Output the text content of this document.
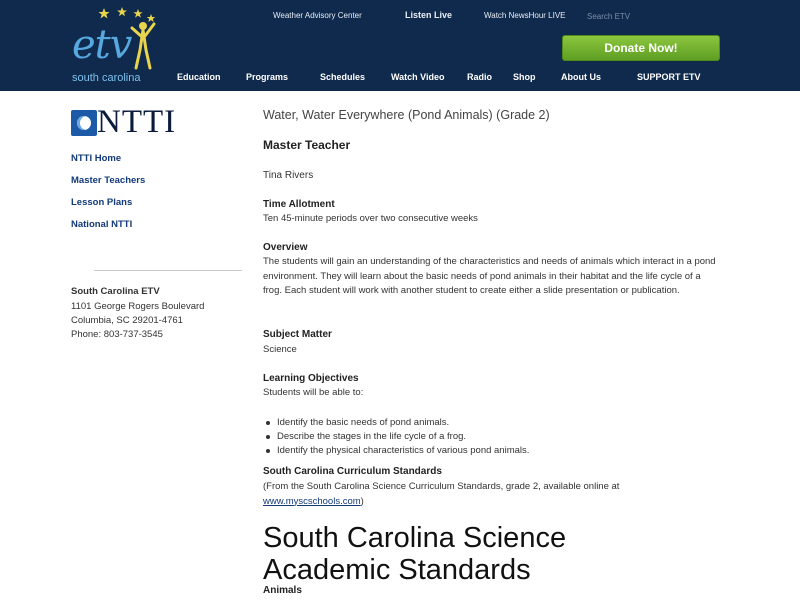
etv
south carolina
Weather Advisory Center	Listen Live	Watch NewsHour LIVE
Search ETV
Donate Now!
Education	Programs	Schedules	Watch Video Radio Shop	About Us	SUPPORT ETV
NTTI
NTTI Home
Master Teachers
Lesson Plans
National NTTI
South Carolina ETV
1101 George Rogers Boulevard
Columbia, SC 29201-4761
Phone: 803-737-3545
Water, Water Everywhere (Pond Animals) (Grade 2)
Master Teacher
Tina Rivers
Time Allotment
Ten 45-minute periods over two consecutive weeks
Overview
The students will gain an understanding of the characteristics and needs of animals which interact in a pond environment. They will learn about the basic needs of pond animals in their habitat and the life cycle of a frog. Each student will work with another student to create either a slide presentation or publication.
Subject Matter
Science
Learning Objectives
Students will be able to:
Identify the basic needs of pond animals.
Describe the stages in the life cycle of a frog.
Identify the physical characteristics of various pond animals.
South Carolina Curriculum Standards
(From the South Carolina Science Curriculum Standards, grade 2, available online at www.myscschools.com)
South Carolina Science
Academic Standards
Animals
